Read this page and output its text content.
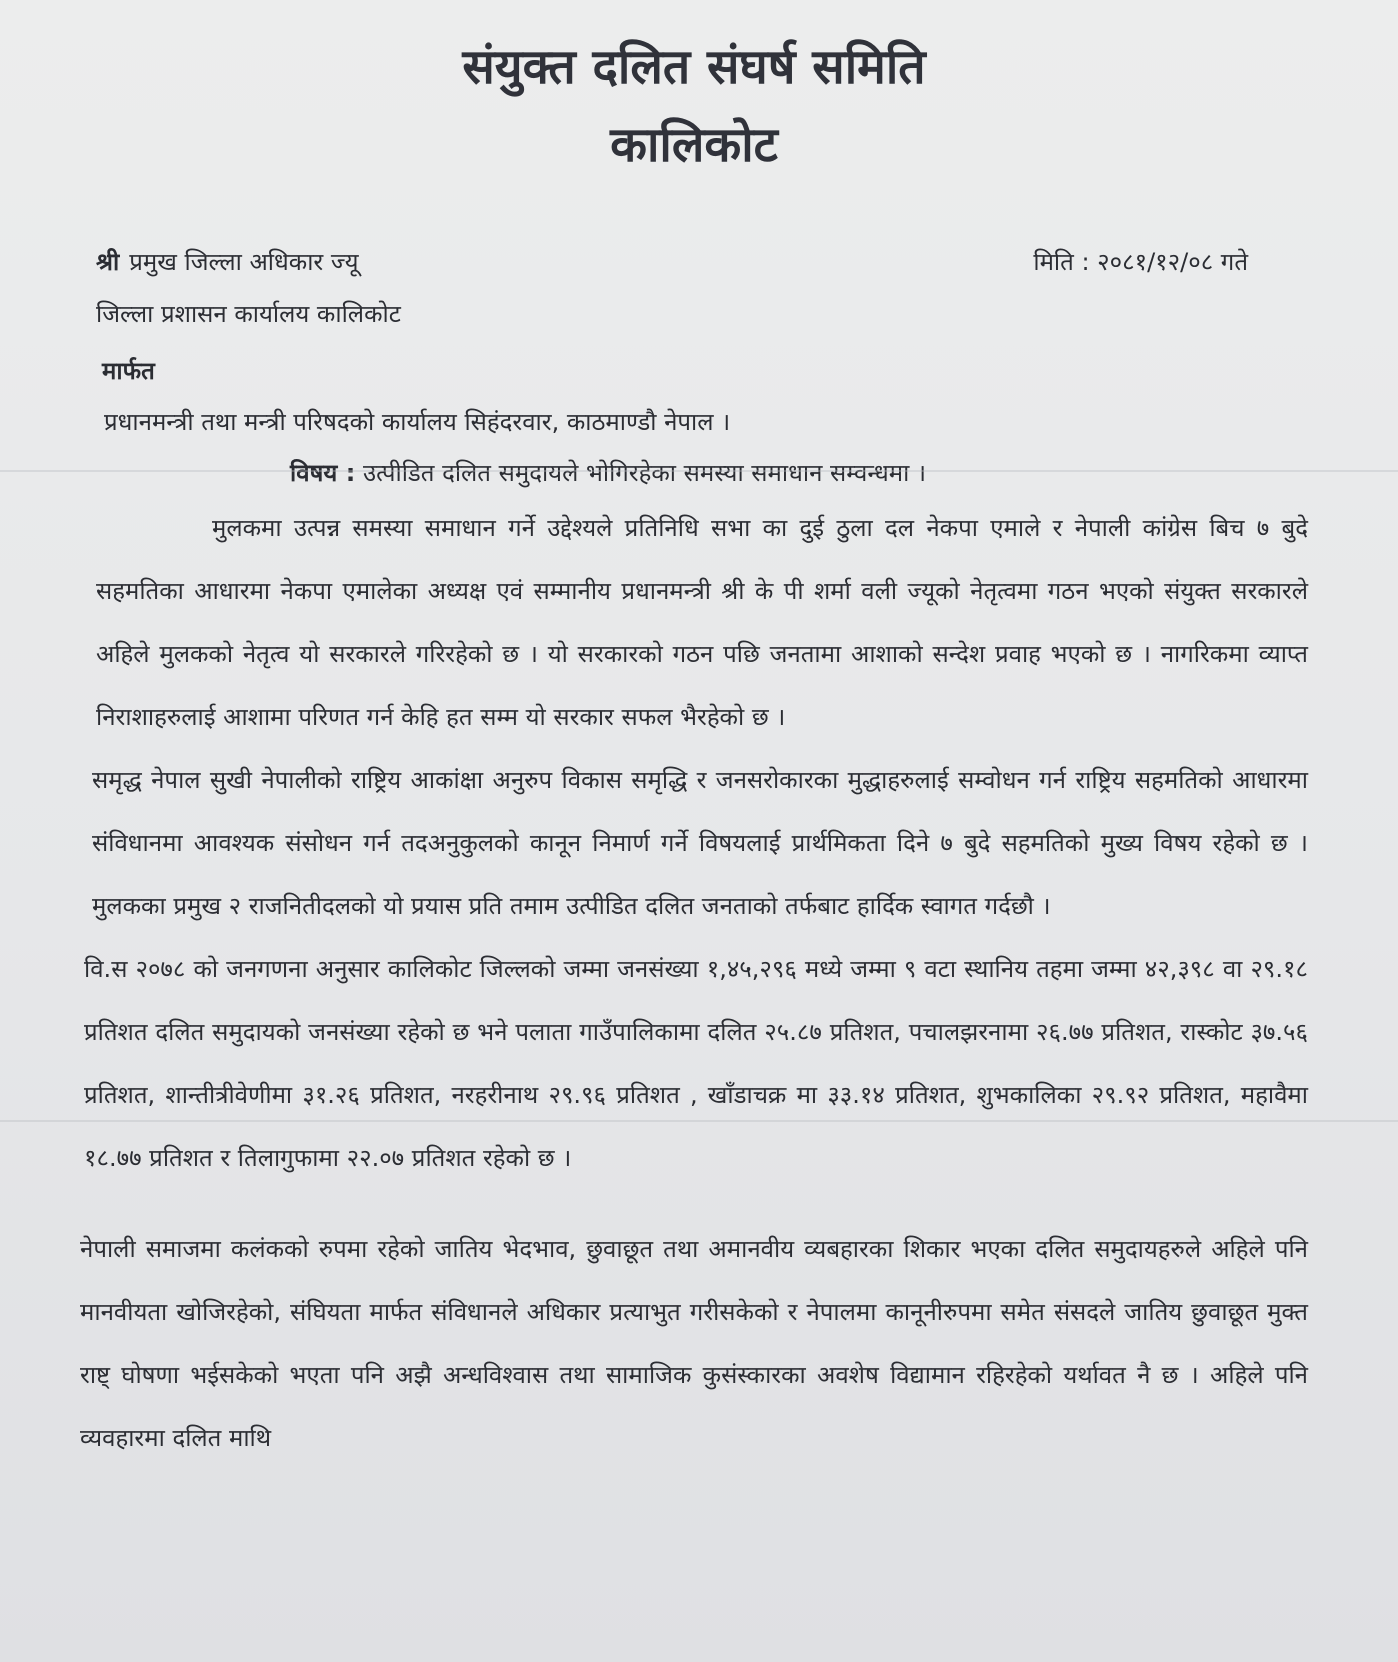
संयुक्त दलित संघर्ष समिति
कालिकोट
श्री प्रमुख जिल्ला अधिकार ज्यू
जिल्ला प्रशासन कार्यालय कालिकोट
मिति : २०८१/१२/०८ गते
मार्फत
प्रधानमन्त्री तथा मन्त्री परिषदको कार्यालय सिहंदरवार, काठमाण्डौ नेपाल ।
विषय : उत्पीडित दलित समुदायले भोगिरहेका समस्या समाधान सम्वन्धमा ।

मुलकमा उत्पन्न समस्या समाधान गर्ने उद्देश्यले प्रतिनिधि सभा का दुई ठुला दल नेकपा एमाले र नेपाली कांग्रेस बिच ७ बुदे सहमतिका आधारमा नेकपा एमालेका अध्यक्ष एवं सम्मानीय प्रधानमन्त्री श्री के पी शर्मा वली ज्यूको नेतृत्वमा गठन भएको संयुक्त सरकारले अहिले मुलकको नेतृत्व यो सरकारले गरिरहेको छ । यो सरकारको गठन पछि जनतामा आशाको सन्देश प्रवाह भएको छ । नागरिकमा व्याप्त निराशाहरुलाई आशामा परिणत गर्न केहि हत सम्म यो सरकार सफल भैरहेको छ ।

समृद्ध नेपाल सुखी नेपालीको राष्ट्रिय आकांक्षा अनुरुप विकास समृद्धि र जनसरोकारका मुद्धाहरुलाई सम्वोधन गर्न राष्ट्रिय सहमतिको आधारमा संविधानमा आवश्यक संसोधन गर्न तदअनुकुलको कानून निमार्ण गर्ने विषयलाई प्रार्थमिकता दिने ७ बुदे सहमतिको मुख्य विषय रहेको छ । मुलकका प्रमुख २ राजनितीदलको यो प्रयास प्रति तमाम उत्पीडित दलित जनताको तर्फबाट हार्दिक स्वागत गर्दछौ ।

वि.स २०७८ को जनगणना अनुसार कालिकोट जिल्लको जम्मा जनसंख्या १,४५,२९६ मध्ये जम्मा ९ वटा स्थानिय तहमा जम्मा ४२,३९८ वा २९.१८ प्रतिशत दलित समुदायको जनसंख्या रहेको छ भने पलाता गाउँपालिकामा दलित २५.८७ प्रतिशत, पचालझरनामा २६.७७ प्रतिशत, रास्कोट ३७.५६ प्रतिशत, शान्तीत्रीवेणीमा ३१.२६ प्रतिशत, नरहरीनाथ २९.९६ प्रतिशत , खाँडाचक्र मा ३३.१४ प्रतिशत, शुभकालिका २९.९२ प्रतिशत, महावैमा १८.७७ प्रतिशत र तिलागुफामा २२.०७ प्रतिशत रहेको छ ।

नेपाली समाजमा कलंकको रुपमा रहेको जातिय भेदभाव, छुवाछूत तथा अमानवीय व्यबहारका शिकार भएका दलित समुदायहरुले अहिले पनि मानवीयता खोजिरहेको, संघियता मार्फत संविधानले अधिकार प्रत्याभुत गरीसकेको र नेपालमा कानूनीरुपमा समेत संसदले जातिय छुवाछूत मुक्त राष्ट् घोषणा भईसकेको भएता पनि अझै अन्धविश्वास तथा सामाजिक कुसंस्कारका अवशेष विद्यामान रहिरहेको यर्थावत नै छ । अहिले पनि व्यवहारमा दलित माथि
